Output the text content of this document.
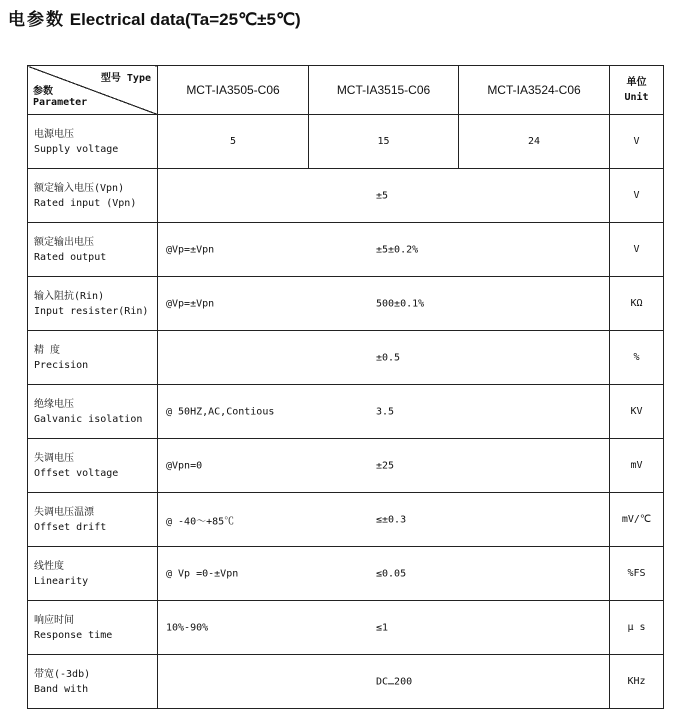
电参数 Electrical data(Ta=25℃±5℃)
型号 Type
参数
Parameter	MCT-IA3505-C06	MCT-IA3515-C06	MCT-IA3524-C06	单位
Unit

电源电压
Supply voltage	5	15	24	V

额定输入电压(Vpn)
Rated input (Vpn)	±5			V

额定输出电压
Rated output	@Vp=±Vpn ±5±0.2%			V

输入阻抗(Rin)
Input resister(Rin)	@Vp=±Vpn 500±0.1%			KΩ

精 度
Precision	±0.5			%

绝缘电压
Galvanic isolation	@ 50HZ,AC,Contious 3.5			KV

失调电压
Offset voltage	@Vpn=0 ±25			mV

失调电压温漂
Offset drift	@ -40～+85℃ ≤±0.3			mV/℃

线性度
Linearity	@ Vp =0-±Vpn ≤0.05			%FS

响应时间
Response time	10%-90% ≤1			μ s

带宽(-3db)
Band with	DC…200			KHz
